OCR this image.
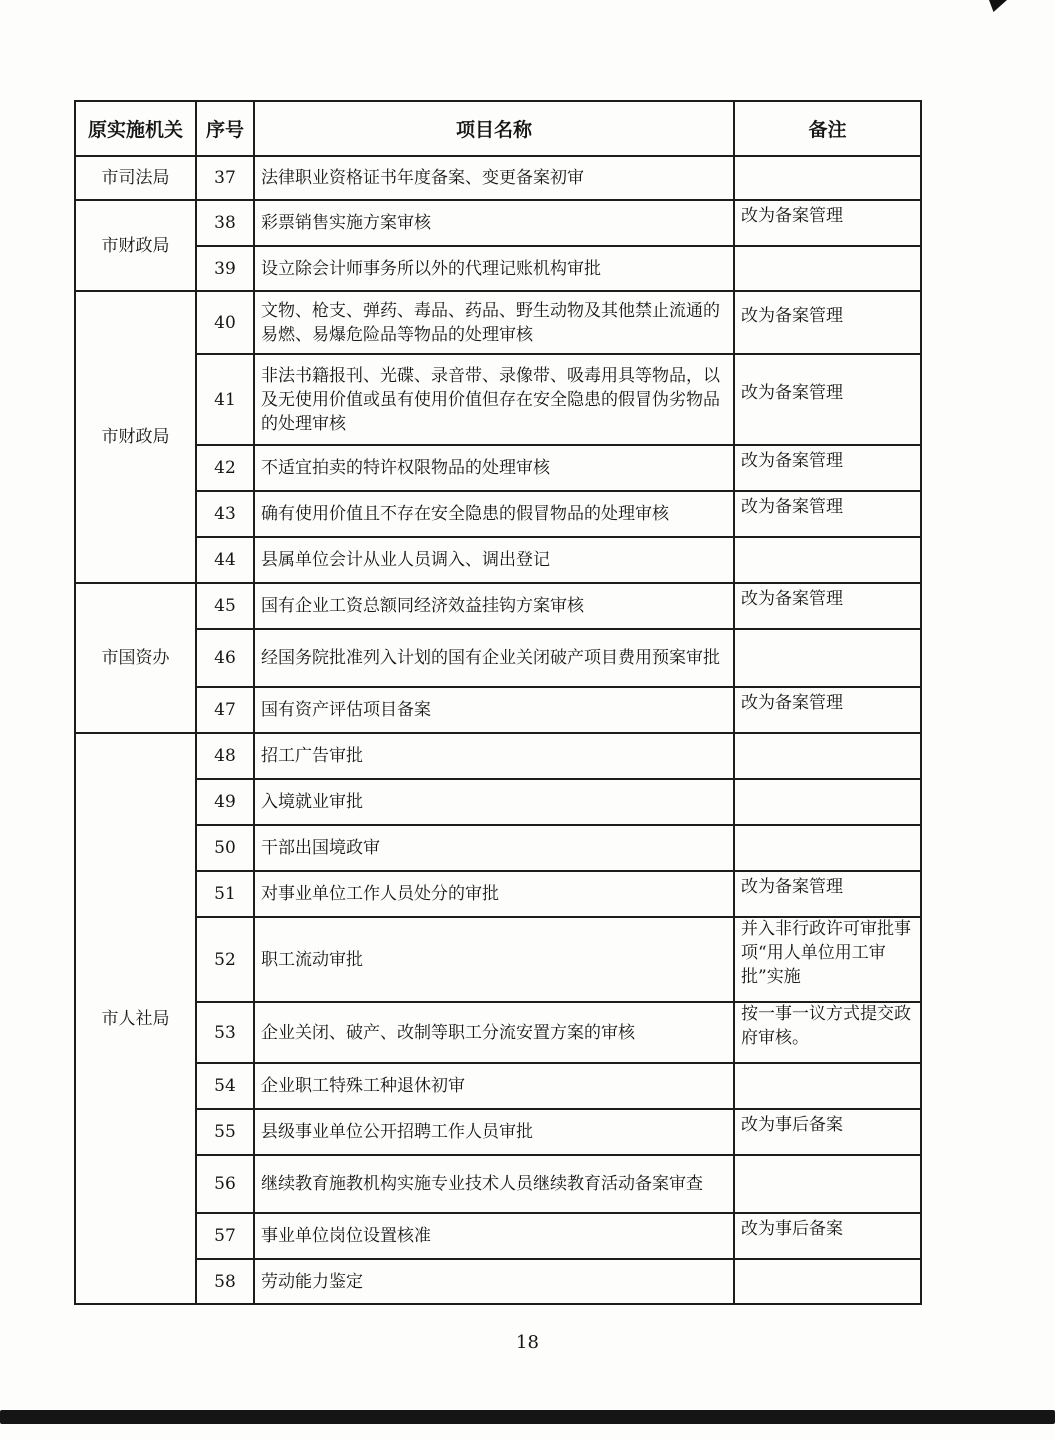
原实施机关	序号	项目名称	备注
市司法局	37	法律职业资格证书年度备案、变更备案初审	

市财政局	38	彩票销售实施方案审核	改为备案管理

	39	设立除会计师事务所以外的代理记账机构审批	

市财政局	40	文物、枪支、弹药、毒品、药品、野生动物及其他禁止流通的易燃、易爆危险品等物品的处理审核	改为备案管理

	41	非法书籍报刊、光碟、录音带、录像带、吸毒用具等物品，以及无使用价值或虽有使用价值但存在安全隐患的假冒伪劣物品的处理审核	改为备案管理

	42	不适宜拍卖的特许权限物品的处理审核	改为备案管理

	43	确有使用价值且不存在安全隐患的假冒物品的处理审核	改为备案管理

	44	县属单位会计从业人员调入、调出登记	

市国资办	45	国有企业工资总额同经济效益挂钩方案审核	改为备案管理

	46	经国务院批准列入计划的国有企业关闭破产项目费用预案审批	

	47	国有资产评估项目备案	改为备案管理

市人社局	48	招工广告审批	

	49	入境就业审批	

	50	干部出国境政审	

	51	对事业单位工作人员处分的审批	改为备案管理

	52	职工流动审批	并入非行政许可审批事项“用人单位用工审批”实施

	53	企业关闭、破产、改制等职工分流安置方案的审核	按一事一议方式提交政府审核。

	54	企业职工特殊工种退休初审	

	55	县级事业单位公开招聘工作人员审批	改为事后备案

	56	继续教育施教机构实施专业技术人员继续教育活动备案审查	

	57	事业单位岗位设置核准	改为事后备案

	58	劳动能力鉴定	
18
